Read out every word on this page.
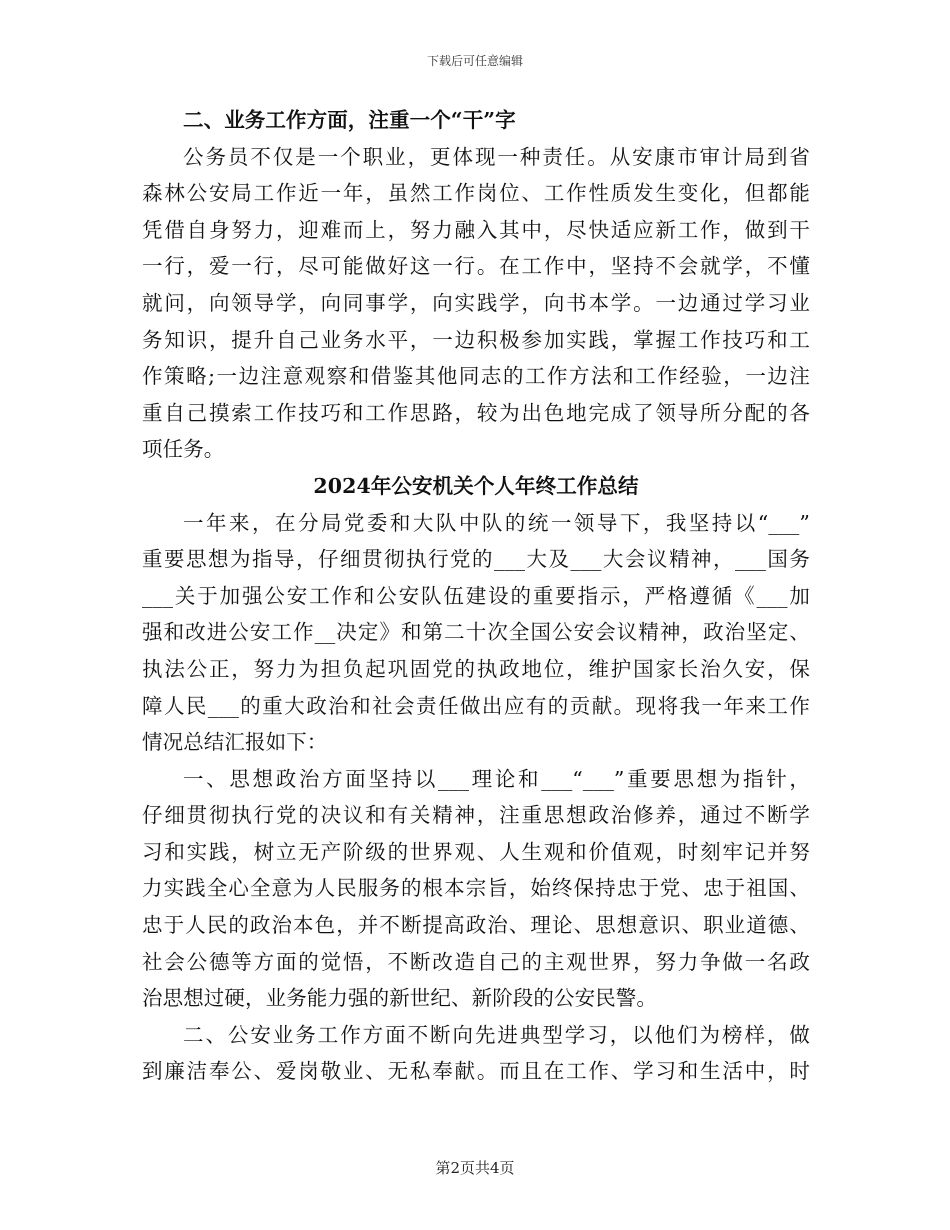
下载后可任意编辑
二、业务工作方面，注重一个“干”字
公务员不仅是一个职业，更体现一种责任。从安康市审计局到省
森林公安局工作近一年，虽然工作岗位、工作性质发生变化，但都能
凭借自身努力，迎难而上，努力融入其中，尽快适应新工作，做到干
一行，爱一行，尽可能做好这一行。在工作中，坚持不会就学，不懂
就问，向领导学，向同事学，向实践学，向书本学。一边通过学习业
务知识，提升自己业务水平，一边积极参加实践，掌握工作技巧和工
作策略;一边注意观察和借鉴其他同志的工作方法和工作经验，一边注
重自己摸索工作技巧和工作思路，较为出色地完成了领导所分配的各
项任务。
2024年公安机关个人年终工作总结
一年来，在分局党委和大队中队的统一领导下，我坚持以“___”
重要思想为指导，仔细贯彻执行党的___大及___大会议精神，___国务
___关于加强公安工作和公安队伍建设的重要指示，严格遵循《___加
强和改进公安工作__决定》和第二十次全国公安会议精神，政治坚定、
执法公正，努力为担负起巩固党的执政地位，维护国家长治久安，保
障人民___的重大政治和社会责任做出应有的贡献。现将我一年来工作
情况总结汇报如下：
一、思想政治方面坚持以___理论和___“___”重要思想为指针，
仔细贯彻执行党的决议和有关精神，注重思想政治修养，通过不断学
习和实践，树立无产阶级的世界观、人生观和价值观，时刻牢记并努
力实践全心全意为人民服务的根本宗旨，始终保持忠于党、忠于祖国、
忠于人民的政治本色，并不断提高政治、理论、思想意识、职业道德、
社会公德等方面的觉悟，不断改造自己的主观世界，努力争做一名政
治思想过硬，业务能力强的新世纪、新阶段的公安民警。
二、公安业务工作方面不断向先进典型学习，以他们为榜样，做
到廉洁奉公、爱岗敬业、无私奉献。而且在工作、学习和生活中，时
第2页共4页
